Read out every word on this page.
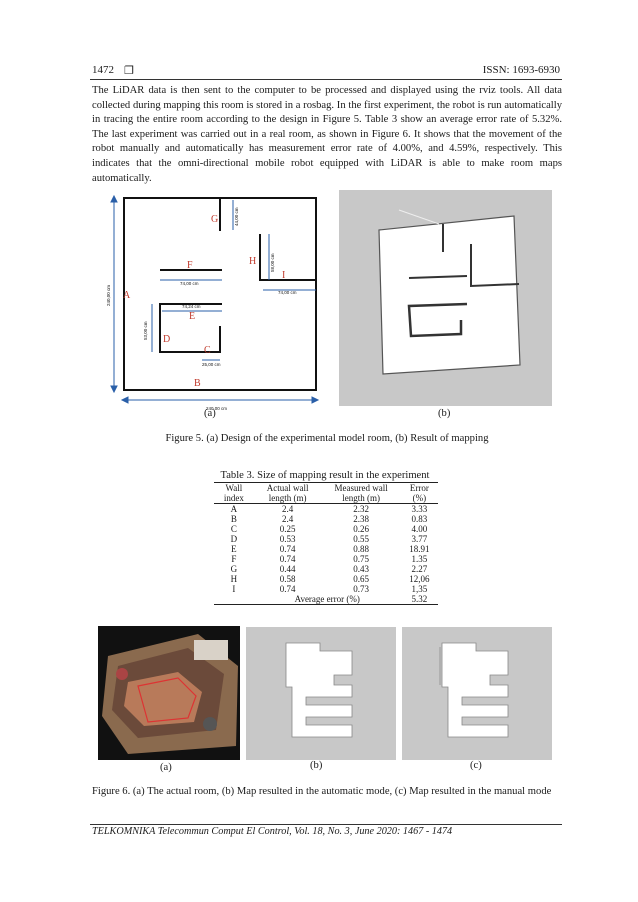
1472 ❐	ISSN: 1693-6930

The LiDAR data is then sent to the computer to be processed and displayed using the rviz tools. All data collected during mapping this room is stored in a rosbag. In the first experiment, the robot is run automatically in tracing the entire room according to the design in Figure 5. Table 3 show an average error rate of 5.32%. The last experiment was carried out in a real room, as shown in Figure 6. It shows that the movement of the robot manually and automatically has measurement error rate of 4.00%, and 4.59%, respectively. This indicates that the omni-directional mobile robot equipped with LiDAR is able to make room maps automatically.

240,00 cm
240,00 cm
44,00 cm
58,00 cm
74,00 cm
74,00 cm
74,24 cm
53,00 cm
25,00 cm
A
B
C
D
E
F
G
H
I
(a)	(b)
Figure 5. (a) Design of the experimental model room, (b) Result of mapping
Table 3. Size of mapping result in the experiment
Wall index	Actual wall length (m)	Measured wall length (m)	Error (%)
A	2.4	2.32	3.33
B	2.4	2.38	0.83
C	0.25	0.26	4.00
D	0.53	0.55	3.77
E	0.74	0.88	18.91
F	0.74	0.75	1.35
G	0.44	0.43	2.27
H	0.58	0.65	12,06
I	0.74	0.73	1,35
	Average error (%)		5.32
(a)	(b)	(c)
Figure 6. (a) The actual room, (b) Map resulted in the automatic mode, (c) Map resulted in the manual mode
TELKOMNIKA Telecommun Comput El Control, Vol. 18, No. 3, June 2020: 1467 - 1474
